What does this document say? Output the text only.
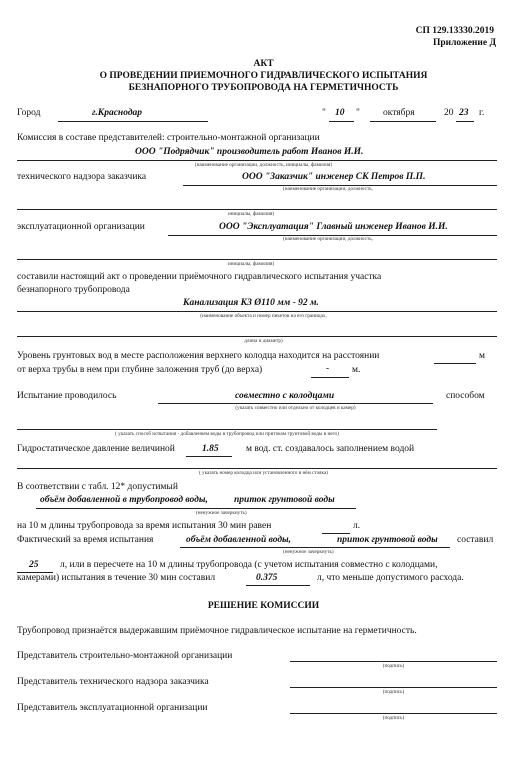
СП 129.13330.2019
Приложение Д
АКТ
О ПРОВЕДЕНИИ ПРИЕМОЧНОГО ГИДРАВЛИЧЕСКОГО ИСПЫТАНИЯ
БЕЗНАПОРНОГО ТРУБОПРОВОДА НА ГЕРМЕТИЧНОСТЬ
Город	г.Краснодар	" 10 " октября	20 23 г.
Комиссия в составе представителей: строительно-монтажной организации
ООО "Подрядчик" производитель работ Иванов И.И.
(наименование организации, должность, инициалы, фамилия)
технического надзора заказчика	ООО "Заказчик" инженер СК Петров П.П.
(наименование организации, должность,
инициалы, фамилия)
эксплуатационной организации	ООО "Эксплуатация" Главный инженер Иванов И.И.
(наименование организации, должность,
инициалы, фамилия)
составили настоящий акт о проведении приёмочного гидравлического испытания участка
безнапорного трубопровода
Канализация К3 Ø110 мм - 92 м.
(наименование объекта и номер пикетов на его границах,
длина и диаметр)
Уровень грунтовых вод в месте расположения верхнего колодца находится на расстоянии	м
от верха трубы в нем при глубине заложения труб (до верха)	- м.
Испытание проводилось	совместно с колодцами	способом
(указать совместно или отдельно от колодцев и камер)
( указать способ испытания - добавлением воды в трубопровод или притоком грунтовой воды в него)
Гидростатическое давление величиной	1.85	м вод. ст. создавалось заполнением водой
( указать номер колодца или установленного в нём стояка)
В соответствии с табл. 12* допустимый
объём добавленной в трубопровод воды,	приток грунтовой воды
(ненужное зачеркнуть)
на 10 м длины трубопровода за время испытания 30 мин равен	л.
Фактический за время испытания	объём добавленной воды,	приток грунтовой воды составил
(ненужное зачеркнуть)
25 л, или в пересчете на 10 м длины трубопровода (с учетом испытания совместно с колодцами,
камерами) испытания в течение 30 мин составил	0.375	л, что меньше допустимого расхода.
РЕШЕНИЕ КОМИССИИ
Трубопровод признаётся выдержавшим приёмочное гидравлическое испытание на герметичность.
Представитель строительно-монтажной организации
(подпись)
Представитель технического надзора заказчика
(подпись)
Представитель эксплуатационной организации
(подпись)
